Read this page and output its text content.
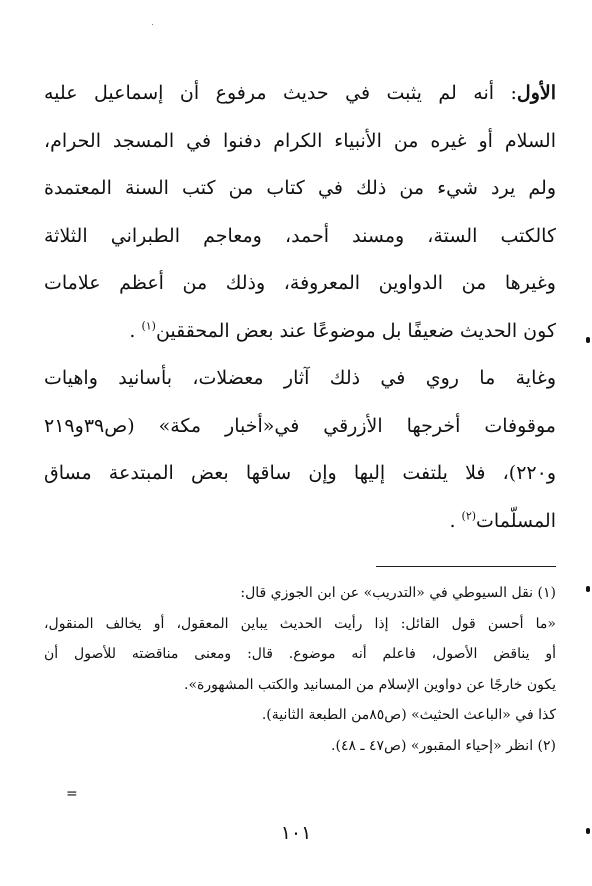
الأول: أنه لم يثبت في حديث مرفوع أن إسماعيل عليه
السلام أو غيره من الأنبياء الكرام دفنوا في المسجد الحرام،
ولم يرد شيء من ذلك في كتاب من كتب السنة المعتمدة
كالكتب الستة، ومسند أحمد، ومعاجم الطبراني الثلاثة
وغيرها من الدواوين المعروفة، وذلك من أعظم علامات
كون الحديث ضعيفًا بل موضوعًا عند بعض المحققين$^{(١)}$ .
وغاية ما روي في ذلك آثار معضلات، بأسانيد واهيات
موقوفات أخرجها الأزرقي في«أخبار مكة» (ص٣٩و٢١٩
و٢٢٠)، فلا يلتفت إليها وإن ساقها بعض المبتدعة مساق
المسلّمات$^{(٢)}$ .
(١) نقل السيوطي في «التدريب» عن ابن الجوزي قال:
«ما أحسن قول القائل: إذا رأيت الحديث يباين المعقول، أو يخالف المنقول،
أو يناقض الأصول، فاعلم أنه موضوع. قال: ومعنى مناقضته للأصول أن
يكون خارجًا عن دواوين الإسلام من المسانيد والكتب المشهورة».
كذا في «الباعث الحثيث» (ص٨٥من الطبعة الثانية).
(٢) انظر «إحياء المقبور» (ص٤٧ ـ ٤٨).
=
١٠١
